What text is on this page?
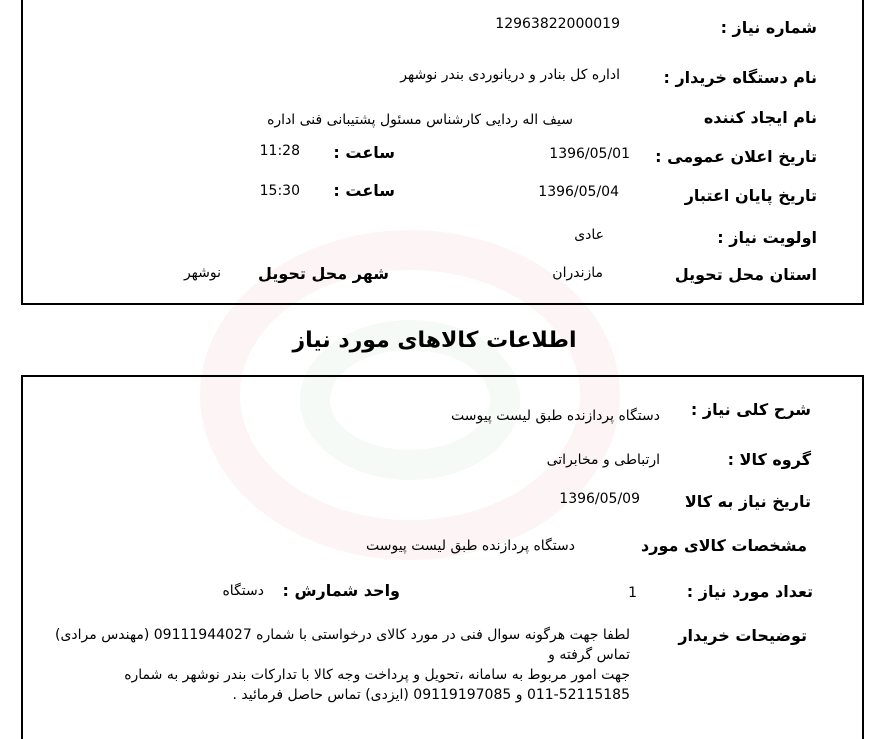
شماره نیاز :
12963822000019
نام دستگاه خریدار :
اداره کل بنادر و دریانوردی بندر نوشهر
نام ایجاد کننده
سیف اله ردایی کارشناس مسئول پشتیبانی فنی اداره
تاریخ اعلان عمومی :
1396/05/01
ساعت :
11:28
تاریخ پایان اعتبار
1396/05/04
ساعت :
15:30
اولویت نیاز :
عادی
استان محل تحویل
مازندران
شهر محل تحویل
نوشهر
اطلاعات کالاهای مورد نیاز
شرح کلی نیاز :
دستگاه پردازنده طبق لیست پیوست
گروه کالا :
ارتباطی و مخابراتی
تاریخ نیاز به کالا
1396/05/09
مشخصات کالای مورد
دستگاه پردازنده طبق لیست پیوست
تعداد مورد نیاز :
1
واحد شمارش :
دستگاه
توضیحات خریدار
لطفا جهت هرگونه سوال فنی در مورد کالای درخواستی با شماره 09111944027 (مهندس مرادی) تماس گرفته و
جهت امور مربوط به سامانه ،تحویل و پرداخت وجه کالا با تدارکات بندر نوشهر به شماره 52115185-011 و 09119197085 (ایزدی) تماس حاصل فرمائید .
